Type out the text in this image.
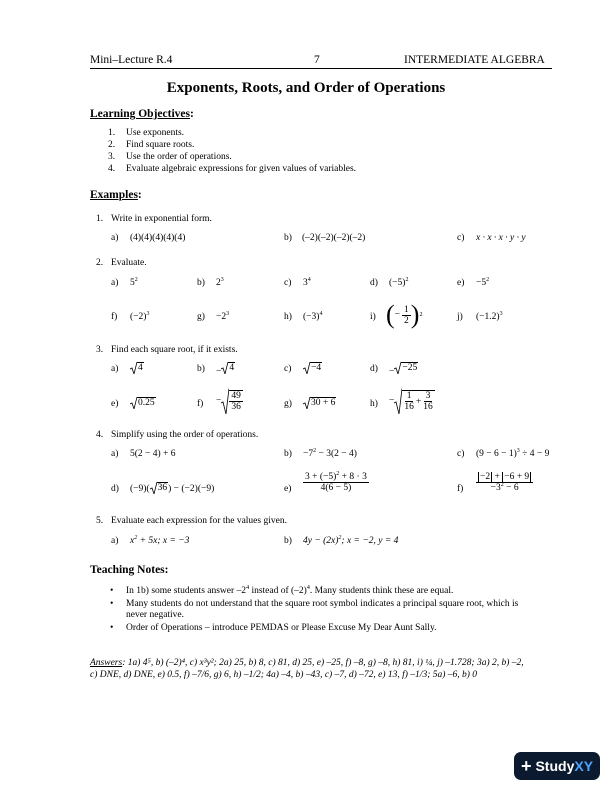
Mini–Lecture R.4	7	INTERMEDIATE ALGEBRA
Exponents, Roots, and Order of Operations
Learning Objectives:
1. Use exponents.
2. Find square roots.
3. Use the order of operations.
4. Evaluate algebraic expressions for given values of variables.
Examples:
1. Write in exponential form.
a) (4)(4)(4)(4)(4)	b) (–2)(–2)(–2)(–2)	c) x · x · x · y · y
2. Evaluate.
a) $5^2$	b) $2^3$	c) $3^4$	d) $(-5)^2$	$e) -5^2$
f) $(-2)^3$	$g) -2^3$	h) $(-3)^4$	i) ( − $\frac{1}{2}$ ) 2	j) $(-1.2)^3$
3. Find each square root, if it exists.
a) 4	b) − 4	c) −4	d) − −25
e) 0.25	$f) - \frac{49}{36}$	g) 30 + 6	$h) - \frac{1}{16} + \frac{3}{16}$
4. Simplify using the order of operations.
a) 5(2 − 4) + 6	$b) -7^2 - 3(2 - 4)$	c) $(9 - 6 - 1)^3 \div 4 - 9$
d) (−9)( 36 ) − (−2)(−9)	$e) \frac{3 + (-5)^2 + 8 \cdot 3}{4(6 - 5)}$	$f) \frac{-2 + -6 + 9}{-3^2 - 6}$
5. Evaluate each expression for the values given.
a) $x^2 + 5x$; x = −3	b) $4y - (2x)^2$; x = −2, y = 4
Teaching Notes:
• In 1b) some students answer $-2^4$ instead of $(-2)^4$. Many students think these are equal.
• Many students do not understand that the square root symbol indicates a principal square root, which is
never negative.
• Order of Operations – introduce PEMDAS or Please Excuse My Dear Aunt Sally.
Answers: 1a) 4⁵, b) (–2)⁴, c) x³y²; 2a) 25, b) 8, c) 81, d) 25, e) –25, f) –8, g) –8, h) 81, i) ¼, j) –1.728; 3a) 2, b) –2,
c) DNE, d) DNE, e) 0.5, f) –7/6, g) 6, h) –1/2; 4a) –4, b) –43, c) –7, d) –72, e) 13, f) –1/3; 5a) –6, b) 0
+ Study XY
